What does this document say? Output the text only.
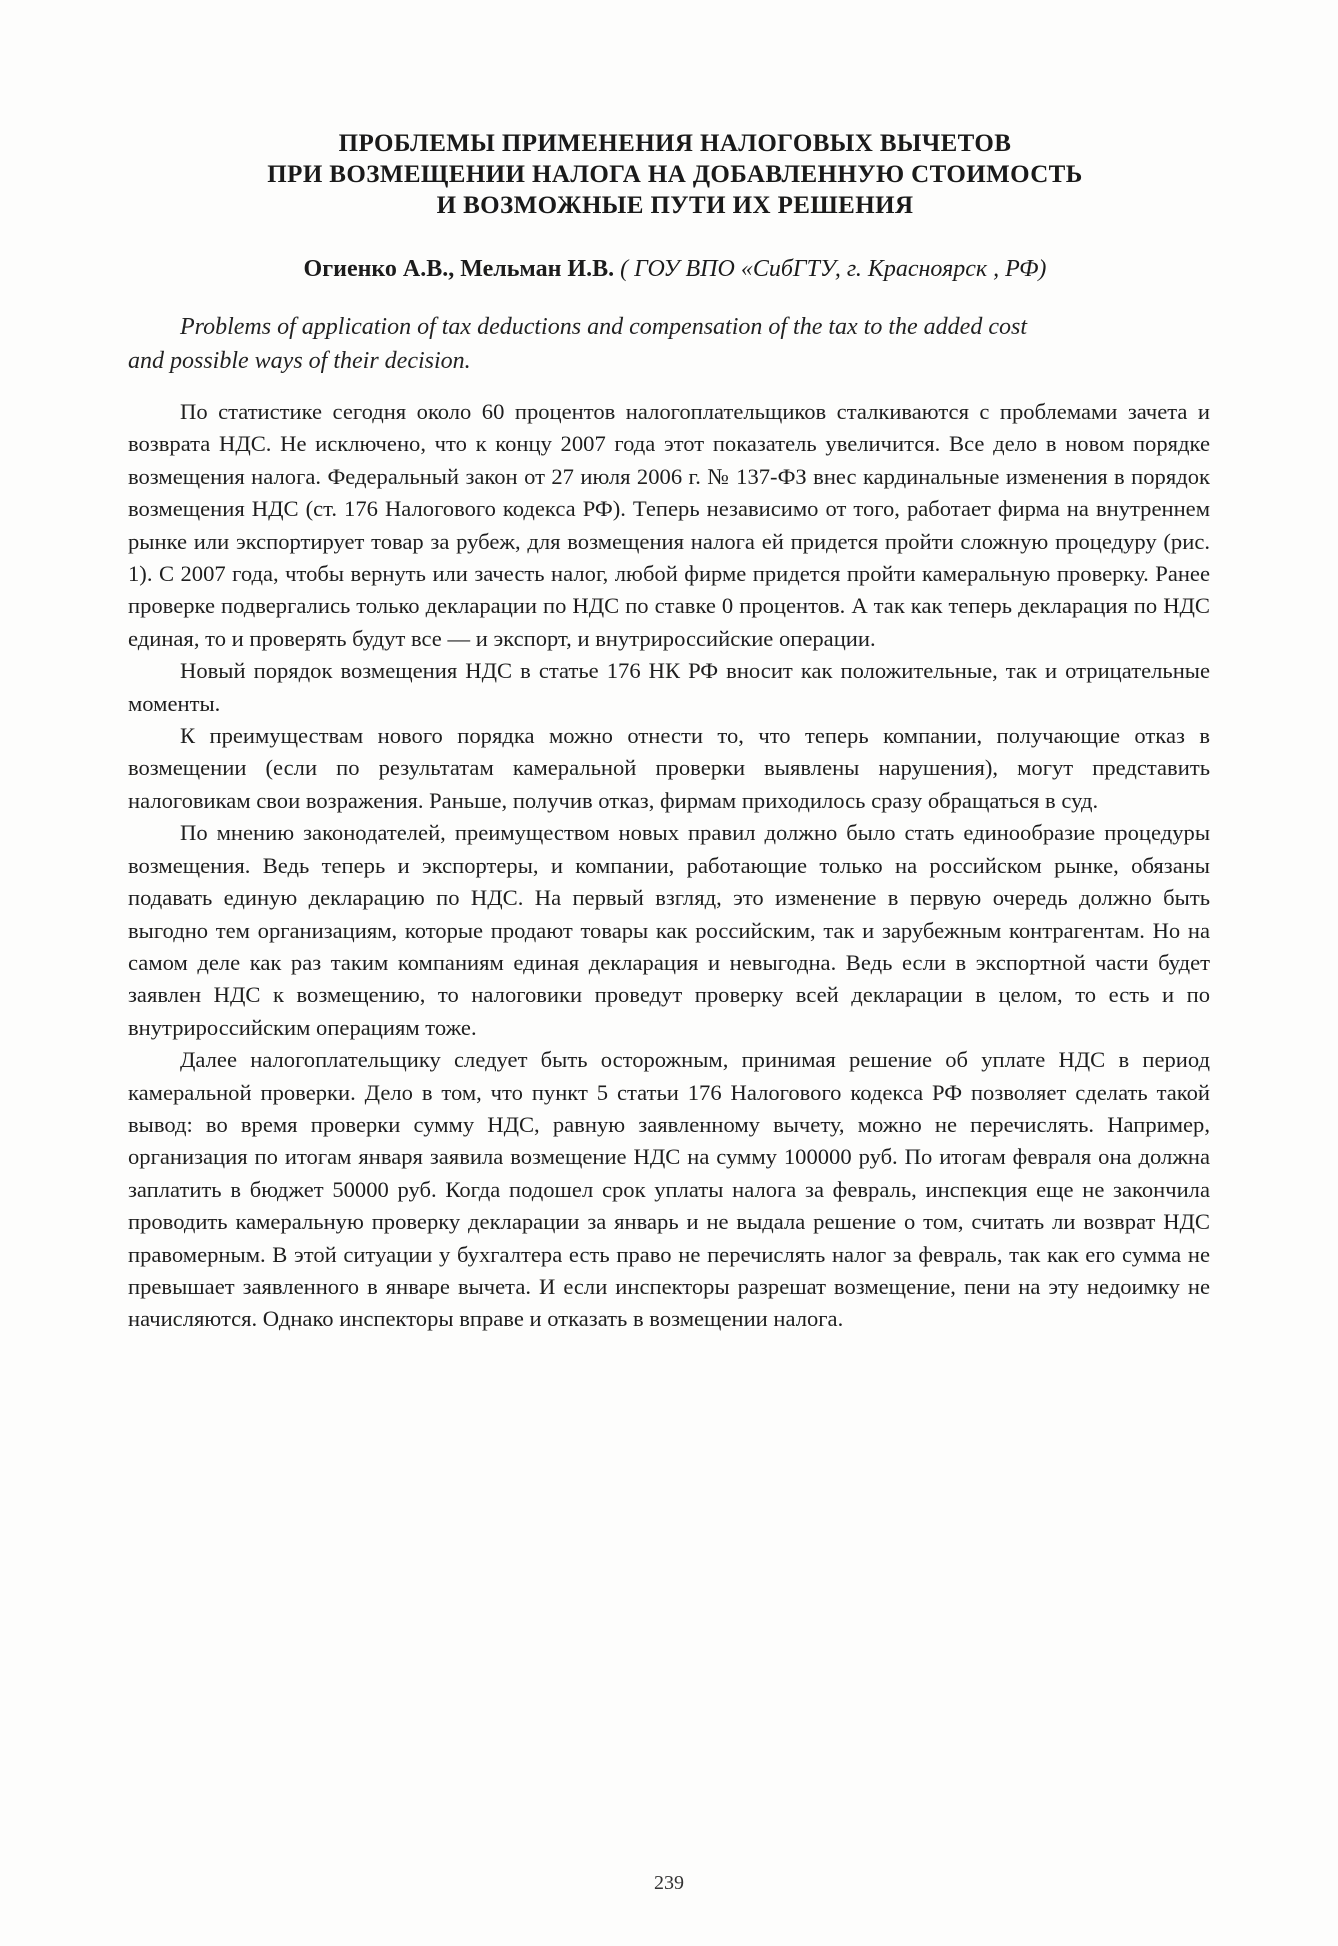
ПРОБЛЕМЫ ПРИМЕНЕНИЯ НАЛОГОВЫХ ВЫЧЕТОВ
ПРИ ВОЗМЕЩЕНИИ НАЛОГА НА ДОБАВЛЕННУЮ СТОИМОСТЬ
И ВОЗМОЖНЫЕ ПУТИ ИХ РЕШЕНИЯ
Огиенко А.В., Мельман И.В. ( ГОУ ВПО «СибГТУ, г. Красноярск , РФ)
Problems of application of tax deductions and compensation of the tax to the added cost
and possible ways of their decision.

По статистике сегодня около 60 процентов налогоплательщиков сталкиваются с проблемами зачета и возврата НДС. Не исключено, что к концу 2007 года этот показатель увеличится. Все дело в новом порядке возмещения налога. Федеральный закон от 27 июля 2006 г. № 137-ФЗ внес кардинальные изменения в порядок возмещения НДС (ст. 176 Налогового кодекса РФ). Теперь независимо от того, работает фирма на внутреннем рынке или экспортирует товар за рубеж, для возмещения налога ей придется пройти сложную процедуру (рис. 1). С 2007 года, чтобы вернуть или зачесть налог, любой фирме придется пройти камеральную проверку. Ранее проверке подвергались только декларации по НДС по ставке 0 процентов. А так как теперь декларация по НДС единая, то и проверять будут все — и экспорт, и внутрироссийские операции.

Новый порядок возмещения НДС в статье 176 НК РФ вносит как положительные, так и отрицательные моменты.

К преимуществам нового порядка можно отнести то, что теперь компании, получающие отказ в возмещении (если по результатам камеральной проверки выявлены нарушения), могут представить налоговикам свои возражения. Раньше, получив отказ, фирмам приходилось сразу обращаться в суд.

По мнению законодателей, преимуществом новых правил должно было стать единообразие процедуры возмещения. Ведь теперь и экспортеры, и компании, работающие только на российском рынке, обязаны подавать единую декларацию по НДС. На первый взгляд, это изменение в первую очередь должно быть выгодно тем организациям, которые продают товары как российским, так и зарубежным контрагентам. Но на самом деле как раз таким компаниям единая декларация и невыгодна. Ведь если в экспортной части будет заявлен НДС к возмещению, то налоговики проведут проверку всей декларации в целом, то есть и по внутрироссийским операциям тоже.

Далее налогоплательщику следует быть осторожным, принимая решение об уплате НДС в период камеральной проверки. Дело в том, что пункт 5 статьи 176 Налогового кодекса РФ позволяет сделать такой вывод: во время проверки сумму НДС, равную заявленному вычету, можно не перечислять. Например, организация по итогам января заявила возмещение НДС на сумму 100000 руб. По итогам февраля она должна заплатить в бюджет 50000 руб. Когда подошел срок уплаты налога за февраль, инспекция еще не закончила проводить камеральную проверку декларации за январь и не выдала решение о том, считать ли возврат НДС правомерным. В этой ситуации у бухгалтера есть право не перечислять налог за февраль, так как его сумма не превышает заявленного в январе вычета. И если инспекторы разрешат возмещение, пени на эту недоимку не начисляются. Однако инспекторы вправе и отказать в возмещении налога.

239
